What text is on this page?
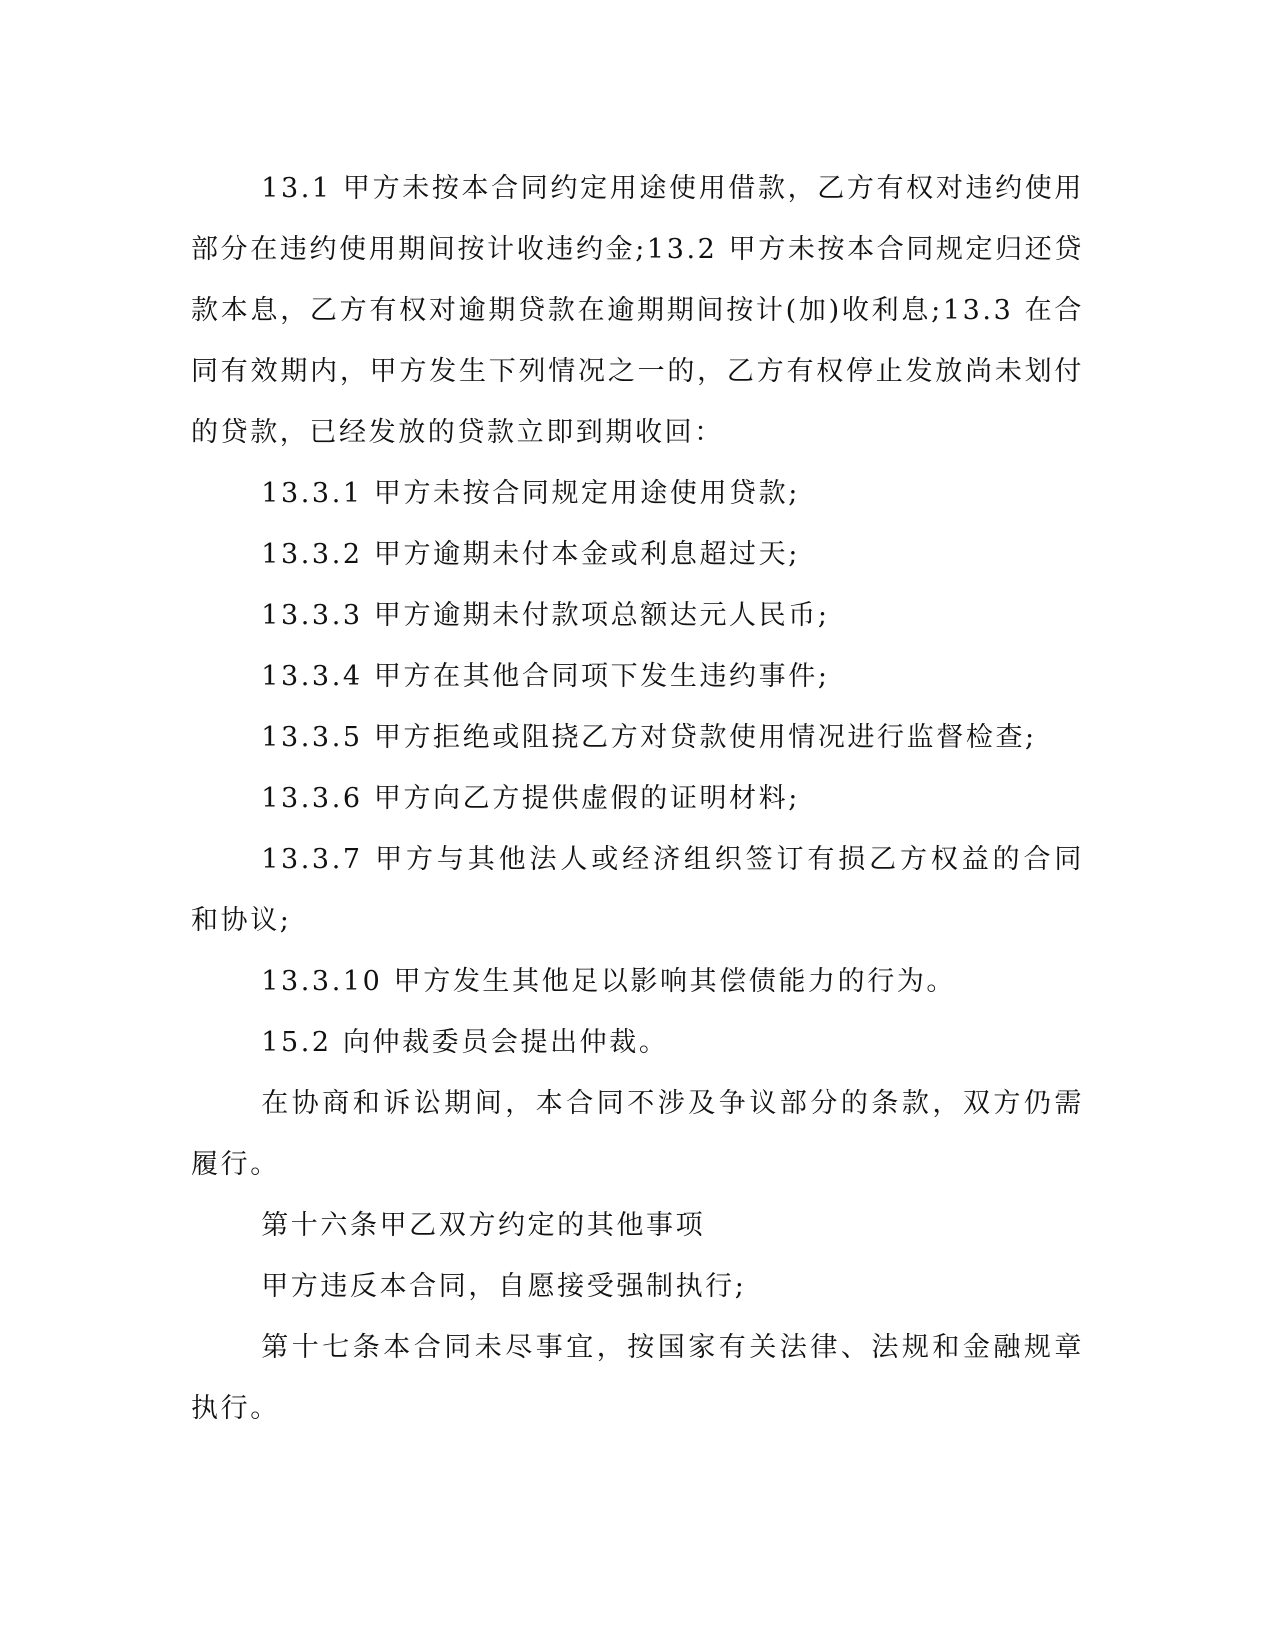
13.1 甲方未按本合同约定用途使用借款，乙方有权对违约使用部分在违约使用期间按计收违约金;13.2 甲方未按本合同规定归还贷款本息，乙方有权对逾期贷款在逾期期间按计(加)收利息;13.3 在合同有效期内，甲方发生下列情况之一的，乙方有权停止发放尚未划付的贷款，已经发放的贷款立即到期收回：

13.3.1 甲方未按合同规定用途使用贷款;

13.3.2 甲方逾期未付本金或利息超过天;

13.3.3 甲方逾期未付款项总额达元人民币;

13.3.4 甲方在其他合同项下发生违约事件;

13.3.5 甲方拒绝或阻挠乙方对贷款使用情况进行监督检查;

13.3.6 甲方向乙方提供虚假的证明材料;

13.3.7 甲方与其他法人或经济组织签订有损乙方权益的合同和协议;

13.3.10 甲方发生其他足以影响其偿债能力的行为。

15.2 向仲裁委员会提出仲裁。

在协商和诉讼期间，本合同不涉及争议部分的条款，双方仍需履行。

第十六条甲乙双方约定的其他事项

甲方违反本合同，自愿接受强制执行;

第十七条本合同未尽事宜，按国家有关法律、法规和金融规章执行。
